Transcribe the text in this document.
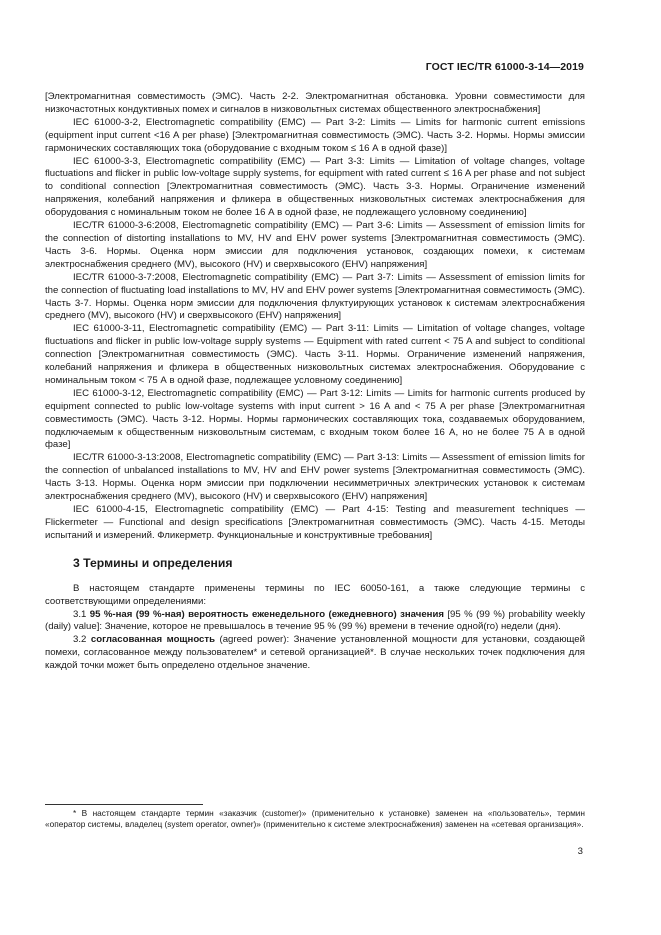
ГОСТ IEC/TR 61000-3-14—2019

[Электромагнитная совместимость (ЭМС). Часть 2-2. Электромагнитная обстановка. Уровни совместимости для низкочастотных кондуктивных помех и сигналов в низковольтных системах общественного электроснабжения]

IEC 61000-3-2, Electromagnetic compatibility (EMC) — Part 3-2: Limits — Limits for harmonic current emissions (equipment input current <16 A per phase) [Электромагнитная совместимость (ЭМС). Часть 3-2. Нормы. Нормы эмиссии гармонических составляющих тока (оборудование с входным током ≤ 16 А в одной фазе)]

IEC 61000-3-3, Electromagnetic compatibility (EMC) — Part 3-3: Limits — Limitation of voltage changes, voltage fluctuations and flicker in public low-voltage supply systems, for equipment with rated current ≤ 16 A per phase and not subject to conditional connection [Электромагнитная совместимость (ЭМС). Часть 3-3. Нормы. Ограничение изменений напряжения, колебаний напряжения и фликера в общественных низковольтных системах электроснабжения для оборудования с номинальным током не более 16 А в одной фазе, не подлежащего условному соединению]

IEC/TR 61000-3-6:2008, Electromagnetic compatibility (EMC) — Part 3-6: Limits — Assessment of emission limits for the connection of distorting installations to MV, HV and EHV power systems [Электромагнитная совместимость (ЭМС). Часть 3-6. Нормы. Оценка норм эмиссии для подключения установок, создающих помехи, к системам электроснабжения среднего (MV), высокого (HV) и сверхвысокого (EHV) напряжения]

IEC/TR 61000-3-7:2008, Electromagnetic compatibility (EMC) — Part 3-7: Limits — Assessment of emission limits for the connection of fluctuating load installations to MV, HV and EHV power systems [Электромагнитная совместимость (ЭМС). Часть 3-7. Нормы. Оценка норм эмиссии для подключения флуктуирующих установок к системам электроснабжения среднего (MV), высокого (HV) и сверхвысокого (EHV) напряжения]

IEC 61000-3-11, Electromagnetic compatibility (EMC) — Part 3-11: Limits — Limitation of voltage changes, voltage fluctuations and flicker in public low-voltage supply systems — Equipment with rated current < 75 A and subject to conditional connection [Электромагнитная совместимость (ЭМС). Часть 3-11. Нормы. Ограничение изменений напряжения, колебаний напряжения и фликера в общественных низковольтных системах электроснабжения. Оборудование с номинальным током < 75 А в одной фазе, подлежащее условному соединению]

IEC 61000-3-12, Electromagnetic compatibility (EMC) — Part 3-12: Limits — Limits for harmonic currents produced by equipment connected to public low-voltage systems with input current > 16 A and < 75 A per phase [Электромагнитная совместимость (ЭМС). Часть 3-12. Нормы. Нормы гармонических составляющих тока, создаваемых оборудованием, подключаемым к общественным низковольтным системам, с входным током более 16 А, но не более 75 А в одной фазе]

IEC/TR 61000-3-13:2008, Electromagnetic compatibility (EMC) — Part 3-13: Limits — Assessment of emission limits for the connection of unbalanced installations to MV, HV and EHV power systems [Электромагнитная совместимость (ЭМС). Часть 3-13. Нормы. Оценка норм эмиссии при подключении несимметричных электрических установок к системам электроснабжения среднего (MV), высокого (HV) и сверхвысокого (EHV) напряжения]

IEC 61000-4-15, Electromagnetic compatibility (EMC) — Part 4-15: Testing and measurement techniques — Flickermeter — Functional and design specifications [Электромагнитная совместимость (ЭМС). Часть 4-15. Методы испытаний и измерений. Фликерметр. Функциональные и конструктивные требования]

3 Термины и определения

В настоящем стандарте применены термины по IEC 60050-161, а также следующие термины с соответствующими определениями:

3.1 95 %-ная (99 %-ная) вероятность еженедельного (ежедневного) значения [95 % (99 %) probability weekly (daily) value]: Значение, которое не превышалось в течение 95 % (99 %) времени в течение одной(го) недели (дня).

3.2 согласованная мощность (agreed power): Значение установленной мощности для установки, создающей помехи, согласованное между пользователем* и сетевой организацией*. В случае нескольких точек подключения для каждой точки может быть определено отдельное значение.

* В настоящем стандарте термин «заказчик (customer)» (применительно к установке) заменен на «пользователь», термин «оператор системы, владелец (system operator, owner)» (применительно к системе электроснабжения) заменен на «сетевая организация».
3
